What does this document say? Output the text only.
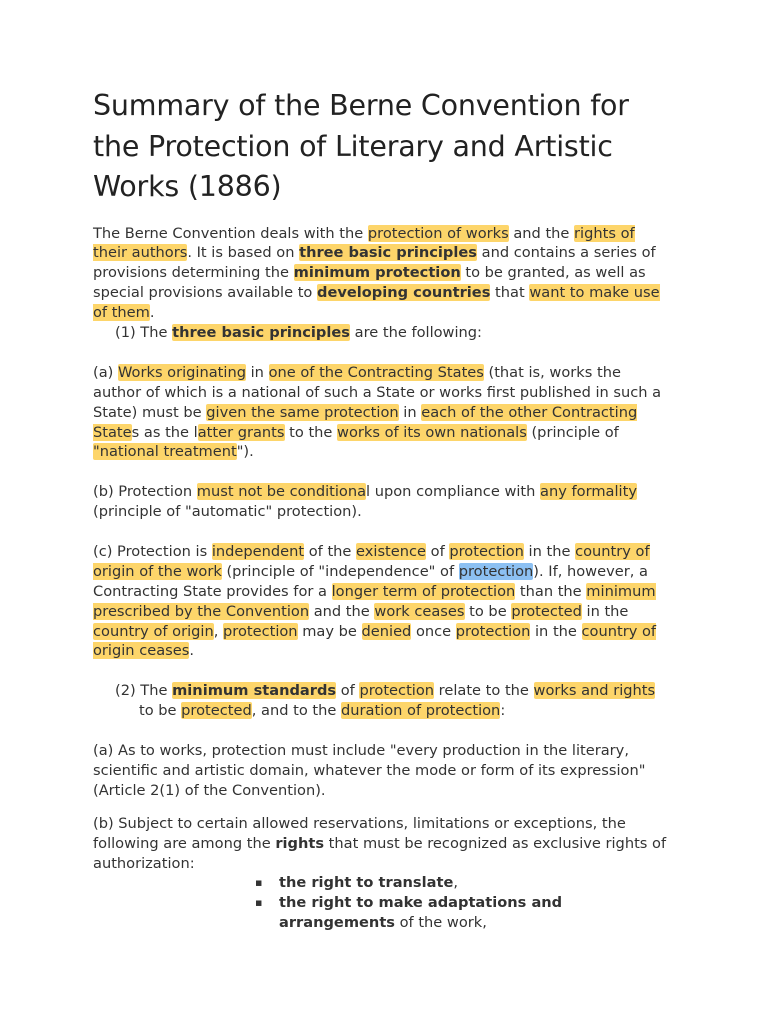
Summary of the Berne Convention for the Protection of Literary and Artistic Works (1886)

The Berne Convention deals with the protection of works and the rights of their authors. It is based on three basic principles and contains a series of provisions determining the minimum protection to be granted, as well as special provisions available to developing countries that want to make use of them.

(1) The three basic principles are the following:

(a) Works originating in one of the Contracting States (that is, works the author of which is a national of such a State or works first published in such a State) must be given the same protection in each of the other Contracting States as the latter grants to the works of its own nationals (principle of "national treatment").

(b) Protection must not be conditional upon compliance with any formality (principle of "automatic" protection).

(c) Protection is independent of the existence of protection in the country of origin of the work (principle of "independence" of protection). If, however, a Contracting State provides for a longer term of protection than the minimum prescribed by the Convention and the work ceases to be protected in the country of origin, protection may be denied once protection in the country of origin ceases.

(2) The minimum standards of protection relate to the works and rights to be protected, and to the duration of protection:

(a) As to works, protection must include "every production in the literary, scientific and artistic domain, whatever the mode or form of its expression" (Article 2(1) of the Convention).

(b) Subject to certain allowed reservations, limitations or exceptions, the following are among the rights that must be recognized as exclusive rights of authorization:

▪ the right to translate,
▪ the right to make adaptations and arrangements of the work,
